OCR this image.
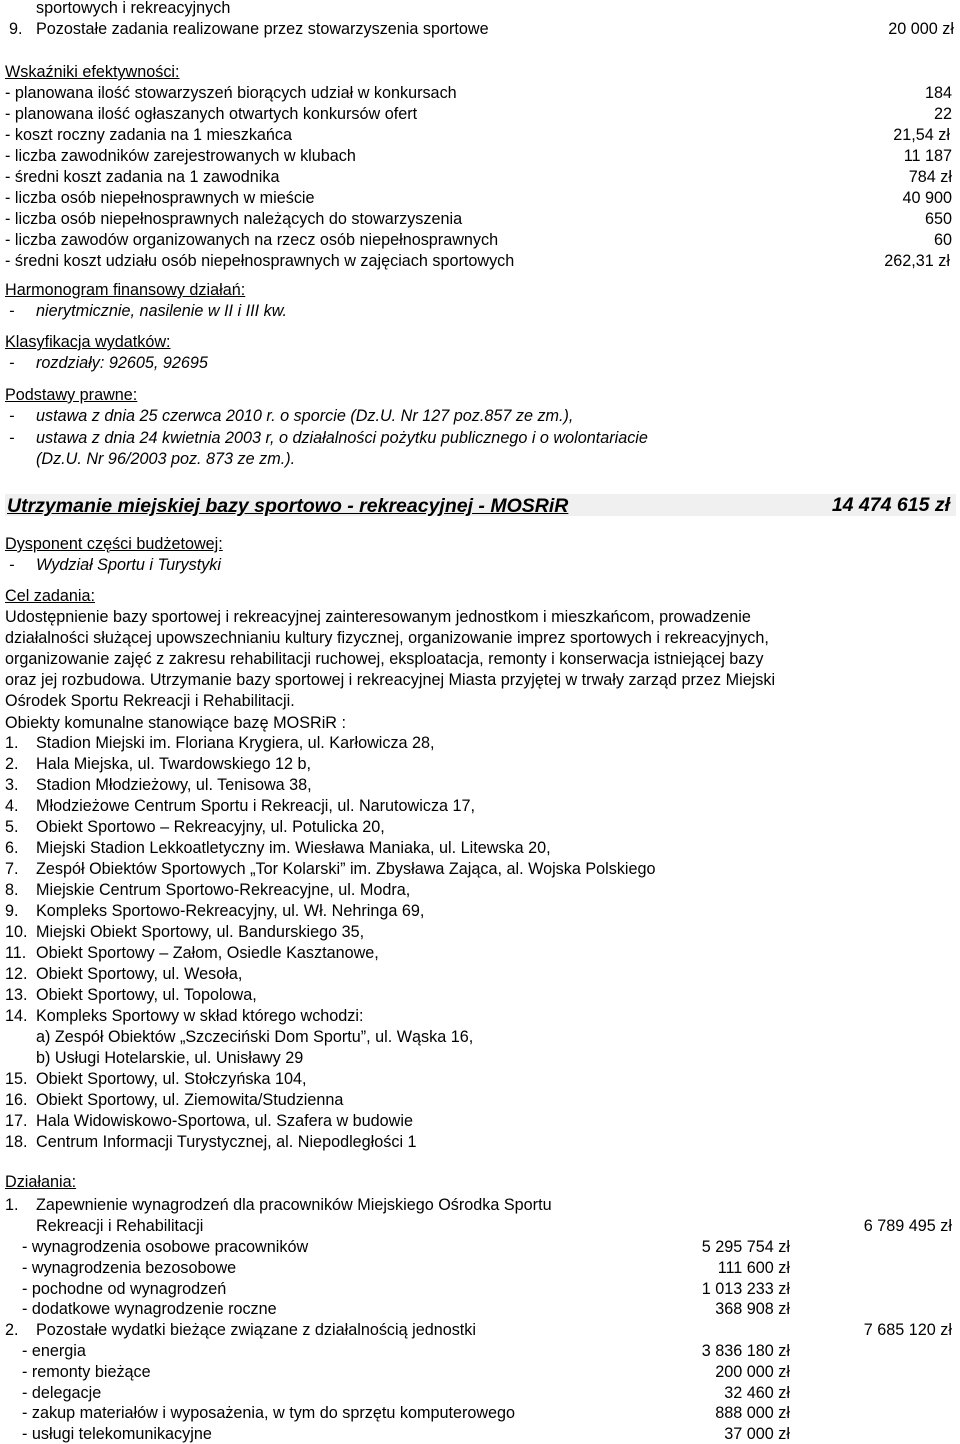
sportowych i rekreacyjnych
9. Pozostałe zadania realizowane przez stowarzyszenia sportowe	20 000 zł
Wskaźniki efektywności:
- planowana ilość stowarzyszeń biorących udział w konkursach	184
- planowana ilość ogłaszanych otwartych konkursów ofert	22
- koszt roczny zadania na 1 mieszkańca	21,54 zł
- liczba zawodników zarejestrowanych w klubach	11 187
- średni koszt zadania na 1 zawodnika	784 zł
- liczba osób niepełnosprawnych w mieście	40 900
- liczba osób niepełnosprawnych należących do stowarzyszenia	650
- liczba zawodów organizowanych na rzecz osób niepełnosprawnych	60
- średni koszt udziału osób niepełnosprawnych w zajęciach sportowych	262,31 zł
Harmonogram finansowy działań:
- nierytmicznie, nasilenie w II i III kw.
Klasyfikacja wydatków:
- rozdziały: 92605, 92695
Podstawy prawne:
- ustawa z dnia 25 czerwca 2010 r. o sporcie (Dz.U. Nr 127 poz.857 ze zm.),
- ustawa z dnia 24 kwietnia 2003 r, o działalności pożytku publicznego i o wolontariacie
(Dz.U. Nr 96/2003 poz. 873 ze zm.).
Utrzymanie miejskiej bazy sportowo - rekreacyjnej - MOSRiR	14 474 615 zł
Dysponent części budżetowej:
- Wydział Sportu i Turystyki
Cel zadania:
Udostępnienie bazy sportowej i rekreacyjnej zainteresowanym jednostkom i mieszkańcom, prowadzenie
działalności służącej upowszechnianiu kultury fizycznej, organizowanie imprez sportowych i rekreacyjnych,
organizowanie zajęć z zakresu rehabilitacji ruchowej, eksploatacja, remonty i konserwacja istniejącej bazy
oraz jej rozbudowa. Utrzymanie bazy sportowej i rekreacyjnej Miasta przyjętej w trwały zarząd przez Miejski
Ośrodek Sportu Rekreacji i Rehabilitacji.
Obiekty komunalne stanowiące bazę MOSRiR :
1. Stadion Miejski im. Floriana Krygiera, ul. Karłowicza 28,
2. Hala Miejska, ul. Twardowskiego 12 b,
3. Stadion Młodzieżowy, ul. Tenisowa 38,
4. Młodzieżowe Centrum Sportu i Rekreacji, ul. Narutowicza 17,
5. Obiekt Sportowo – Rekreacyjny, ul. Potulicka 20,
6. Miejski Stadion Lekkoatletyczny im. Wiesława Maniaka, ul. Litewska 20,
7. Zespół Obiektów Sportowych „Tor Kolarski” im. Zbysława Zająca, al. Wojska Polskiego
8. Miejskie Centrum Sportowo-Rekreacyjne, ul. Modra,
9. Kompleks Sportowo-Rekreacyjny, ul. Wł. Nehringa 69,
10. Miejski Obiekt Sportowy, ul. Bandurskiego 35,
11. Obiekt Sportowy – Załom, Osiedle Kasztanowe,
12. Obiekt Sportowy, ul. Wesoła,
13. Obiekt Sportowy, ul. Topolowa,
14. Kompleks Sportowy w skład którego wchodzi:
a) Zespół Obiektów „Szczeciński Dom Sportu”, ul. Wąska 16,
b) Usługi Hotelarskie, ul. Unisławy 29
15. Obiekt Sportowy, ul. Stołczyńska 104,
16. Obiekt Sportowy, ul. Ziemowita/Studzienna
17. Hala Widowiskowo-Sportowa, ul. Szafera w budowie
18. Centrum Informacji Turystycznej, al. Niepodległości 1
Działania:
1. Zapewnienie wynagrodzeń dla pracowników Miejskiego Ośrodka Sportu
Rekreacji i Rehabilitacji	6 789 495 zł
- wynagrodzenia osobowe pracowników	5 295 754 zł
- wynagrodzenia bezosobowe	111 600 zł
- pochodne od wynagrodzeń	1 013 233 zł
- dodatkowe wynagrodzenie roczne	368 908 zł
2. Pozostałe wydatki bieżące związane z działalnością jednostki	7 685 120 zł
- energia	3 836 180 zł
- remonty bieżące	200 000 zł
- delegacje	32 460 zł
- zakup materiałów i wyposażenia, w tym do sprzętu komputerowego	888 000 zł
- usługi telekomunikacyjne	37 000 zł
